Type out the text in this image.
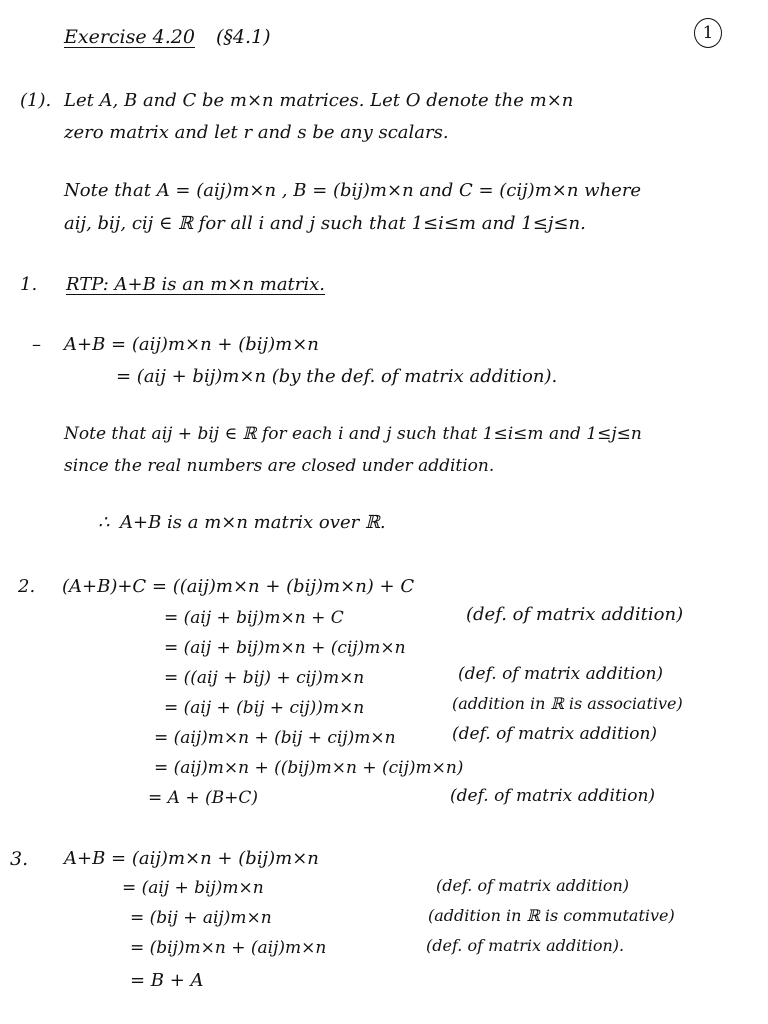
Exercise 4.20 (§4.1)	1
(1). Let A, B and C be m×n matrices. Let O denote the m×n
zero matrix and let r and s be any scalars.
Note that A = (aij)m×n , B = (bij)m×n and C = (cij)m×n where
aij, bij, cij ∈ ℝ for all i and j such that 1≤i≤m and 1≤j≤n.
1. RTP: A+B is an m×n matrix.
– A+B = (aij)m×n + (bij)m×n
= (aij + bij)m×n (by the def. of matrix addition).
Note that aij + bij ∈ ℝ for each i and j such that 1≤i≤m and 1≤j≤n
since the real numbers are closed under addition.
∴ A+B is a m×n matrix over ℝ.
2. (A+B)+C = ((aij)m×n + (bij)m×n) + C
= (aij + bij)m×n + C	(def. of matrix addition)
= (aij + bij)m×n + (cij)m×n
= ((aij + bij) + cij)m×n	(def. of matrix addition)
= (aij + (bij + cij))m×n	(addition in ℝ is associative)
= (aij)m×n + (bij + cij)m×n	(def. of matrix addition)
= (aij)m×n + ((bij)m×n + (cij)m×n)
= A + (B+C)	(def. of matrix addition)
3. A+B = (aij)m×n + (bij)m×n
= (aij + bij)m×n	(def. of matrix addition)
= (bij + aij)m×n	(addition in ℝ is commutative)
= (bij)m×n + (aij)m×n	(def. of matrix addition).
= B + A
